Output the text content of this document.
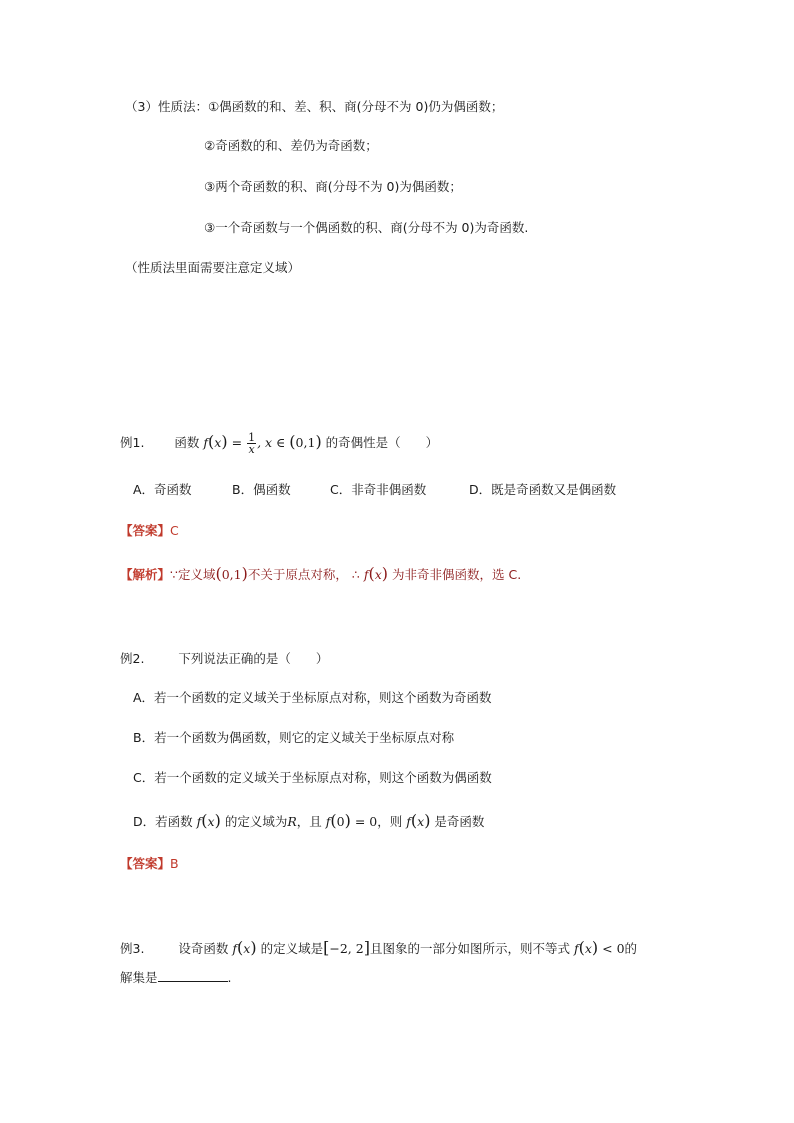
（3）性质法：①偶函数的和、差、积、商(分母不为 0)仍为偶函数；
②奇函数的和、差仍为奇函数；
③两个奇函数的积、商(分母不为 0)为偶函数；
③一个奇函数与一个偶函数的积、商(分母不为 0)为奇函数.
（性质法里面需要注意定义域）
例1. 函数 $f(x) = \frac{1}{x}$ , x ∈ (0,1) 的奇偶性是（　　）
A．奇函数	B．偶函数	C．非奇非偶函数	D．既是奇函数又是偶函数
【答案】C
【解析】∵定义域(0,1)不关于原点对称， ∴ f(x) 为非奇非偶函数，选 C.
例2.	下列说法正确的是（　　）
A．若一个函数的定义域关于坐标原点对称，则这个函数为奇函数
B．若一个函数为偶函数，则它的定义域关于坐标原点对称
C．若一个函数的定义域关于坐标原点对称，则这个函数为偶函数
D．若函数 f(x) 的定义域为R，且 f(0) = 0，则 f(x) 是奇函数
【答案】B
例3.	设奇函数 f(x) 的定义域是[−2, 2]且图象的一部分如图所示，则不等式 f(x) < 0的
解集是	.
